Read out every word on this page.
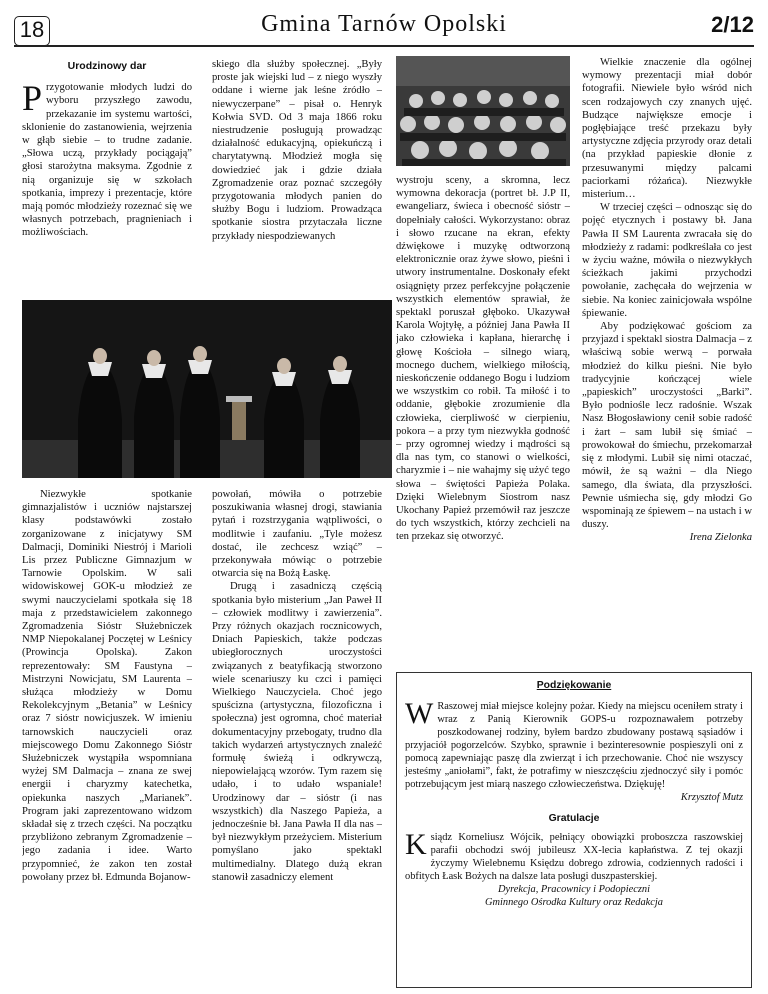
18	Gmina Tarnów Opolski	2/12
Urodzinowy dar

Przygotowanie młodych ludzi do wyboru przyszłego zawodu, przekazanie im systemu wartości, sklonienie do zastanowienia, wejrzenia w głąb siebie – to trudne zadanie. „Słowa uczą, przykłady pociągają” głosi starożytna maksyma. Zgodnie z nią organizuje się w szkołach spotkania, imprezy i prezentacje, które mają pomóc młodzieży rozeznać się we własnych potrzebach, pragnieniach i możliwościach.

skiego dla służby społecznej. „Były proste jak wiejski lud – z niego wyszły oddane i wierne jak leśne źródło – niewyczerpane” – pisał o. Henryk Kołwia SVD. Od 3 maja 1866 roku niestrudzenie posługują prowadząc działalność edukacyjną, opiekuńczą i charytatywną. Młodzież mogła się dowiedzieć jak i gdzie działa Zgromadzenie oraz poznać szczegóły przygotowania młodych panien do służby Bogu i ludziom. Prowadząca spotkanie siostra przytaczała liczne przykłady niespodziewanych

Niezwykłe spotkanie gimnazjalistów i uczniów najstarszej klasy podstawówki zostało zorganizowane z inicjatywy SM Dalmacji, Dominiki Niestrój i Marioli Lis przez Publiczne Gimnazjum w Tarnowie Opolskim. W sali widowiskowej GOK-u młodzież ze swymi nauczycielami spotkała się 18 maja z przedstawicielem zakonnego Zgromadzenia Sióstr Służebniczek NMP Niepokalanej Poczętej w Leśnicy (Prowincja Opolska). Zakon reprezentowały: SM Faustyna – Mistrzyni Nowicjatu, SM Laurenta – służąca młodzieży w Domu Rekolekcyjnym „Betania” w Leśnicy oraz 7 sióstr nowicjuszek. W imieniu tarnowskich nauczycieli oraz miejscowego Domu Zakonnego Sióstr Służebniczek wystąpiła wspomniana wyżej SM Dalmacja – znana ze swej energii i charyzmy katechetka, opiekunka naszych „Marianek”. Program jaki zaprezentowano widzom składał się z trzech części. Na początku przybliżono zebranym Zgromadzenie – jego zadania i idee. Warto przypomnieć, że zakon ten został powołany przez bł. Edmunda Bojanow-

powołań, mówiła o potrzebie poszukiwania własnej drogi, stawiania pytań i rozstrzygania wątpliwości, o modlitwie i zaufaniu. „Tyle możesz dostać, ile zechcesz wziąć” – przekonywała mówiąc o potrzebie otwarcia się na Bożą Łaskę.

Drugą i zasadniczą częścią spotkania było misterium „Jan Paweł II – człowiek modlitwy i zawierzenia”. Przy różnych okazjach rocznicowych, Dniach Papieskich, także podczas ubiegłorocznych uroczystości związanych z beatyfikacją stworzono wiele scenariuszy ku czci i pamięci Wielkiego Nauczyciela. Choć jego spuścizna (artystyczna, filozoficzna i społeczna) jest ogromna, choć materiał dokumentacyjny przebogaty, trudno dla takich wydarzeń artystycznych znaleźć formułę świeżą i odkrywczą, niepowielającą wzorów. Tym razem się udało, i to udało wspaniale! Urodzinowy dar – sióstr (i nas wszystkich) dla Naszego Papieża, a jednocześnie bł. Jana Pawła II dla nas – był niezwykłym przeżyciem. Misterium pomyślano jako spektakl multimedialny. Dlatego dużą ekran stanowił zasadniczy element

wystroju sceny, a skromna, lecz wymowna dekoracja (portret bł. J.P II, ewangeliarz, świeca i obecność sióstr – dopełniały całości. Wykorzystano: obraz i słowo rzucane na ekran, efekty dźwiękowe i muzykę odtworzoną elektronicznie oraz żywe słowo, pieśni i utwory instrumentalne. Doskonały efekt osiągnięty przez perfekcyjne połączenie wszystkich elementów sprawiał, że spektakl poruszał głęboko. Ukazywał Karola Wojtyłę, a później Jana Pawła II jako człowieka i kapłana, hierarchę i głowę Kościoła – silnego wiarą, mocnego duchem, wielkiego miłością, nieskończenie oddanego Bogu i ludziom we wszystkim co robił. Ta miłość i to oddanie, głębokie zrozumienie dla człowieka, cierpliwość w cierpieniu, pokora – a przy tym niezwykła godność – przy ogromnej wiedzy i mądrości są dla nas tym, co stanowi o wielkości, charyzmie i – nie wahajmy się użyć tego słowa – świętości Papieża Polaka. Dzięki Wielebnym Siostrom nasz Ukochany Papież przemówił raz jeszcze do tych wszystkich, którzy zechcieli na ten przekaz się otworzyć.

Wielkie znaczenie dla ogólnej wymowy prezentacji miał dobór fotografii. Niewiele było wśród nich scen rodzajowych czy znanych ujęć. Budzące największe emocje i pogłębiające treść przekazu były artystyczne zdjęcia przyrody oraz detali (na przykład papieskie dłonie z przesuwanymi między palcami paciorkami różańca). Niezwykłe misterium…

W trzeciej części – odnosząc się do pojęć etycznych i postawy bł. Jana Pawła II SM Laurenta zwracała się do młodzieży z radami: podkreślała co jest w życiu ważne, mówiła o niezwykłych ścieżkach jakimi przychodzi powołanie, zachęcała do wejrzenia w siebie. Na koniec zainicjowała wspólne śpiewanie.

Aby podziękować gościom za przyjazd i spektakl siostra Dalmacja – z właściwą sobie werwą – porwała młodzież do kilku pieśni. Nie było tradycyjnie kończącej wiele „papieskich” uroczystości „Barki”. Było podniośle lecz radośnie. Wszak Nasz Błogosławiony cenił sobie radość i żart – sam lubił się śmiać – prowokował do śmiechu, przekomarzał się z młodymi. Lubił się nimi otaczać, mówił, że są ważni – dla Niego samego, dla świata, dla przyszłości. Pewnie uśmiecha się, gdy młodzi Go wspominają ze śpiewem – na ustach i w duszy.

Irena Zielonka

Podziękowanie

W Raszowej miał miejsce kolejny pożar. Kiedy na miejscu oceniłem straty i wraz z Panią Kierownik GOPS-u rozpoznawałem potrzeby poszkodowanej rodziny, byłem bardzo zbudowany postawą sąsiadów i przyjaciół pogorzelców. Szybko, sprawnie i bezinteresownie pospieszyli oni z pomocą zapewniając paszę dla zwierząt i ich przechowanie. Choć nie wszyscy jesteśmy „aniołami”, fakt, że potrafimy w nieszczęściu zjednoczyć siły i pomóc potrzebującym jest miarą naszego człowieczeństwa. Dziękuję!

Krzysztof Mutz

Gratulacje

Ksiądz Korneliusz Wójcik, pełniący obowiązki proboszcza raszowskiej parafii obchodzi swój jubileusz XX-lecia kapłaństwa. Z tej okazji życzymy Wielebnemu Księdzu dobrego zdrowia, codziennych radości i obfitych Łask Bożych na dalsze lata posługi duszpasterskiej.

Dyrekcja, Pracownicy i Podopieczni

Gminnego Ośrodka Kultury oraz Redakcja
